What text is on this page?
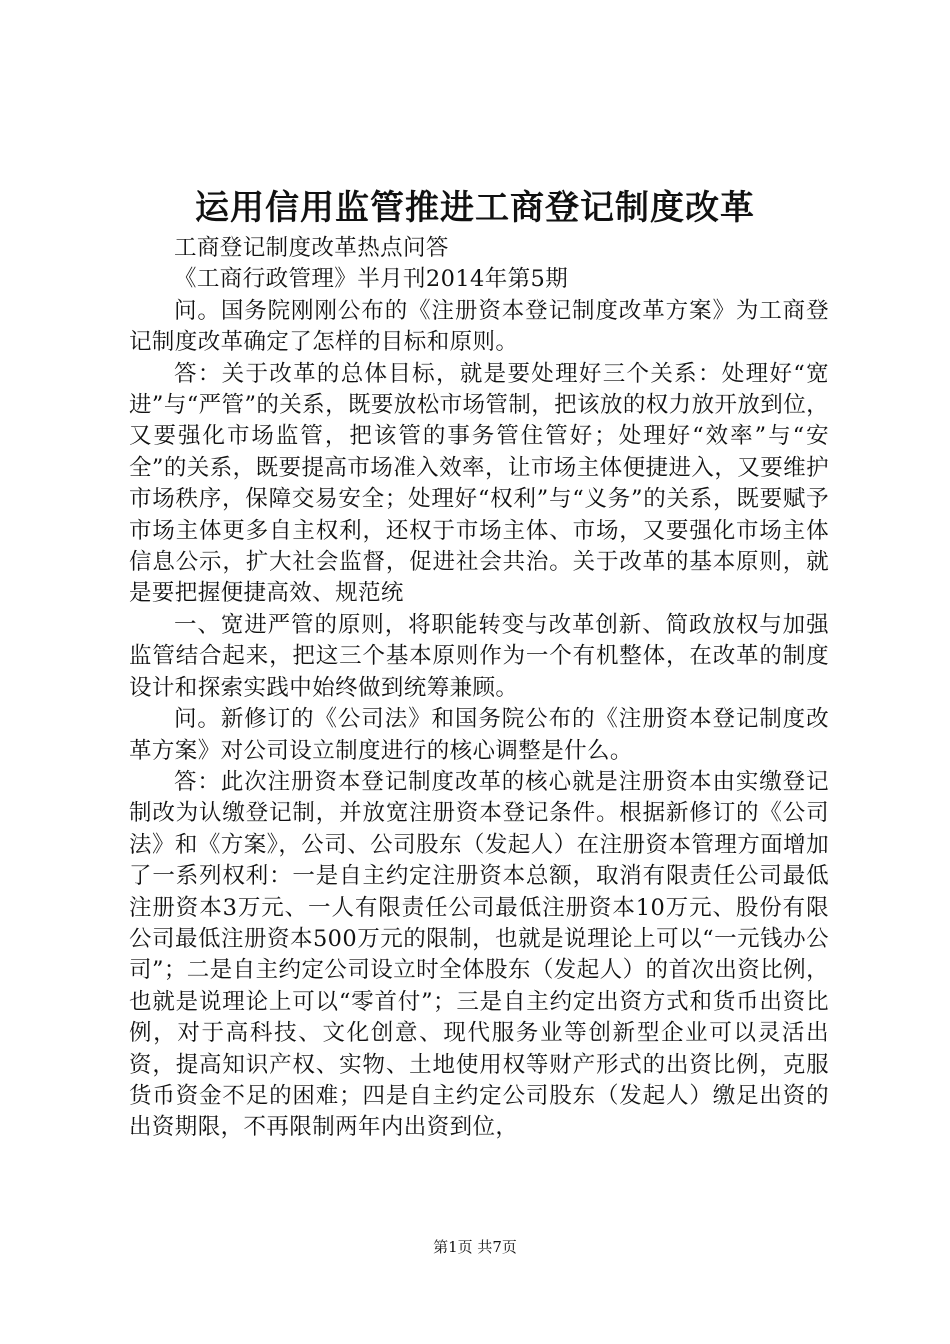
运用信用监管推进工商登记制度改革

工商登记制度改革热点问答

《工商行政管理》半月刊2014年第5期

问。国务院刚刚公布的《注册资本登记制度改革方案》为工商登记制度改革确定了怎样的目标和原则。

答：关于改革的总体目标，就是要处理好三个关系：处理好“宽进”与“严管”的关系，既要放松市场管制，把该放的权力放开放到位，又要强化市场监管，把该管的事务管住管好；处理好“效率”与“安全”的关系，既要提高市场准入效率，让市场主体便捷进入，又要维护市场秩序，保障交易安全；处理好“权利”与“义务”的关系，既要赋予市场主体更多自主权利，还权于市场主体、市场，又要强化市场主体信息公示，扩大社会监督，促进社会共治。关于改革的基本原则，就是要把握便捷高效、规范统

一、宽进严管的原则，将职能转变与改革创新、简政放权与加强监管结合起来，把这三个基本原则作为一个有机整体，在改革的制度设计和探索实践中始终做到统筹兼顾。

问。新修订的《公司法》和国务院公布的《注册资本登记制度改革方案》对公司设立制度进行的核心调整是什么。

答：此次注册资本登记制度改革的核心就是注册资本由实缴登记制改为认缴登记制，并放宽注册资本登记条件。根据新修订的《公司法》和《方案》，公司、公司股东（发起人）在注册资本管理方面增加了一系列权利：一是自主约定注册资本总额，取消有限责任公司最低注册资本3万元、一人有限责任公司最低注册资本10万元、股份有限公司最低注册资本500万元的限制，也就是说理论上可以“一元钱办公司”；二是自主约定公司设立时全体股东（发起人）的首次出资比例，也就是说理论上可以“零首付”；三是自主约定出资方式和货币出资比例，对于高科技、文化创意、现代服务业等创新型企业可以灵活出资，提高知识产权、实物、土地使用权等财产形式的出资比例，克服货币资金不足的困难；四是自主约定公司股东（发起人）缴足出资的出资期限，不再限制两年内出资到位，

第1页 共7页
